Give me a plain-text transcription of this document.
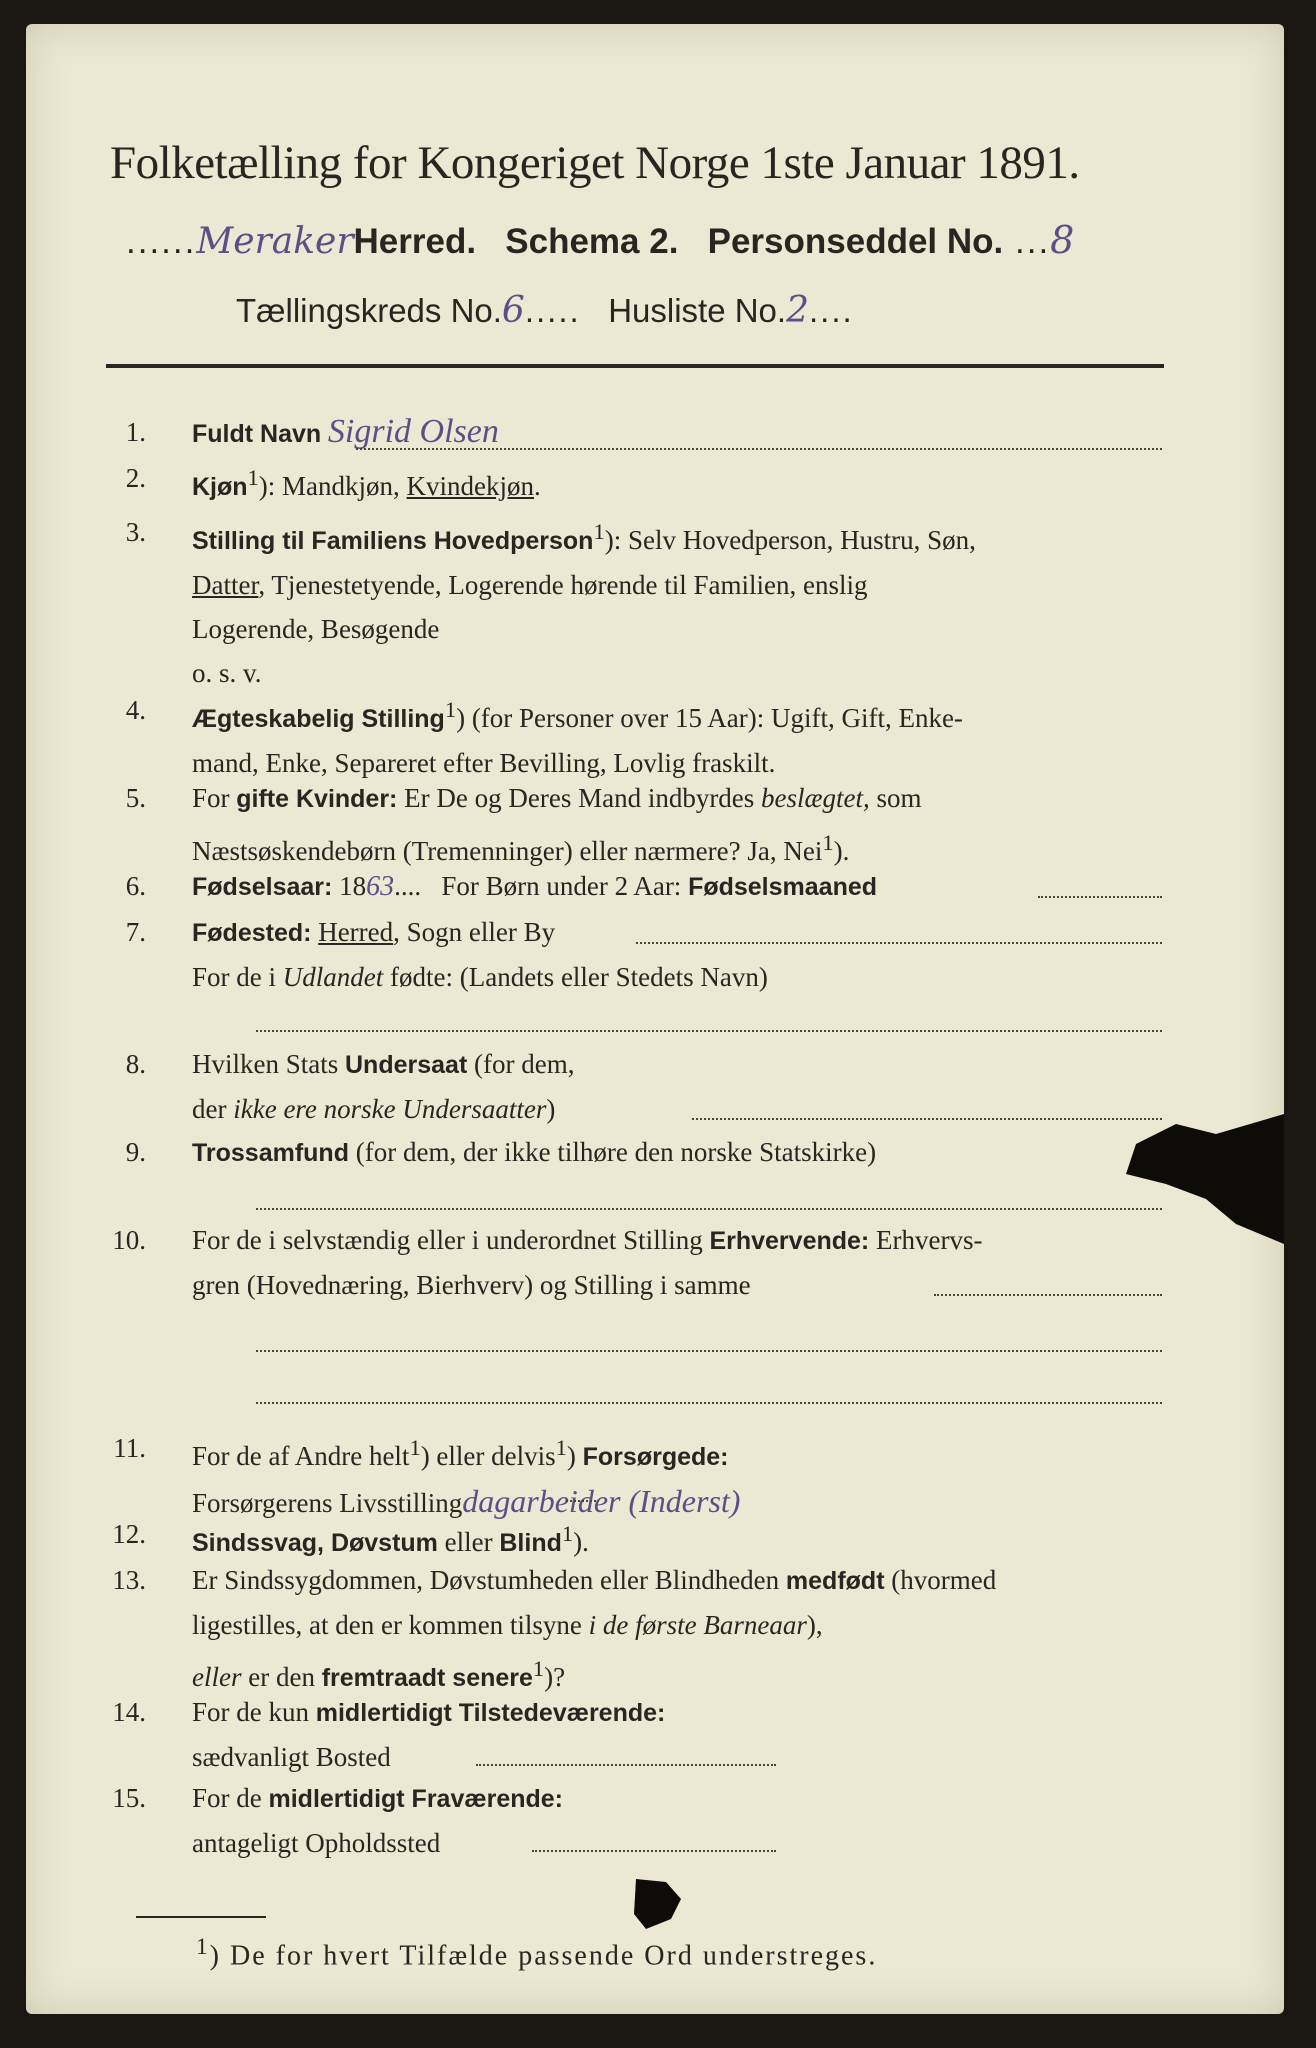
Folketælling for Kongeriget Norge 1ste Januar 1891.
......MerakerHerred. Schema 2. Personseddel No. ...8
Tællingskreds No.6..... Husliste No.2....
1. Fuldt Navn Sigrid Olsen
2. Kjøn$^1$): Mandkjøn, Kvindekjøn.
3. Stilling til Familiens Hovedperson$^1$): Selv Hovedperson, Hustru, Søn,
Datter, Tjenestetyende, Logerende hørende til Familien, enslig
Logerende, Besøgende
o. s. v.
4. Ægteskabelig Stilling$^1$) (for Personer over 15 Aar): Ugift, Gift, Enke-
mand, Enke, Separeret efter Bevilling, Lovlig fraskilt.
5. For gifte Kvinder: Er De og Deres Mand indbyrdes beslægtet, som
Næstsøskendebørn (Tremenninger) eller nærmere? Ja, Nei$^1$).
6. Fødselsaar: 1863....   For Børn under 2 Aar: Fødselsmaaned
7. Fødested: Herred, Sogn eller By
For de i Udlandet fødte: (Landets eller Stedets Navn)
8. Hvilken Stats Undersaat (for dem,
der ikke ere norske Undersaatter)
9. Trossamfund (for dem, der ikke tilhøre den norske Statskirke)
10. For de i selvstændig eller i underordnet Stilling Erhvervende: Erhvervs-
gren (Hovednæring, Bierhverv) og Stilling i samme
11. For de af Andre helt$^1$) eller delvis$^1$) Forsørgede:
Forsørgerens Livsstillingdagarbeider (Inderst)
12. Sindssvag, Døvstum eller Blind$^1$).
13. Er Sindssygdommen, Døvstumheden eller Blindheden medfødt (hvormed
ligestilles, at den er kommen tilsyne i de første Barneaar),
eller er den fremtraadt senere$^1$)?
14. For de kun midlertidigt Tilstedeværende:
sædvanligt Bosted
15. For de midlertidigt Fraværende:
antageligt Opholdssted
$^1$) De for hvert Tilfælde passende Ord understreges.
